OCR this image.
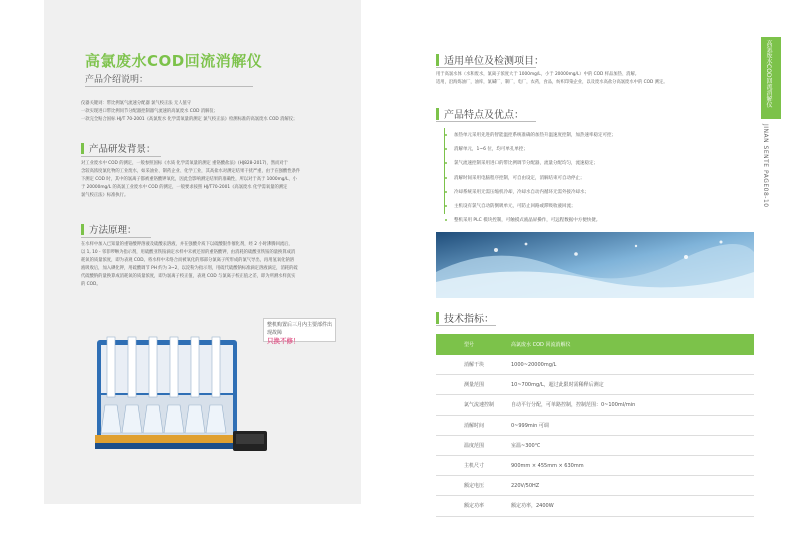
高氯废水COD回流消解仪
产品介绍说明：
仪器关键词：带比例氯气流速分配器 氯气校正法 无人值守
一款实现进口带比例同节分配器控制器气流速的高氯废水 COD 消解仪；
一款完全贴合国标 HJ/T 70-2001《高氯废水 化学需氧量的测定 氯气校正法》检测标准的高氯废水 COD 消解仪；
产品研发背景：
对工业废水中 COD 的测定，一般参照国标《水质 化学需氧量的测定 重铬酸盐法》(HJ828-2017)，然而对于
含较高浓度氯化物的工业废水，如采油业、制药企业、化学工业，其高盐水对测定结果干扰严重，由于在强酸性条件
下测定 COD 时，其中的氯离子都被重铬酸钾氧化，因此会影响测定结果的准确性，所以对于高于 1000mg/L、小
于 20000mg/L 的高氯工业废水中 COD 的测定，一般要求按照 HJ/T70-2001《高氯废水 化学需氧量的测定
氯气校正法》标准执行。
方法原理：
在水样中加入已知量的重铬酸钾溶液及硫酸汞溶液，并在强酸介质下以硫酸银作催化剂，经 2 小时沸腾回流后，
以 1, 10 - 邻菲啰啉为指示剂，用硫酸亚铁铵滴定水样中未被还原的重铬酸钾，由消耗的硫酸亚铁铵的量换算成消
耗氧的质量浓度，即为表观 COD。将水样中未络合而被氧化的那部分氯离子所形成的氯气导出，再用氢氧化钠溶
液吸收后，加入碘化钾，用硫酸调节 PH 约为 3~2，以淀粉为指示剂，用硫代硫酸钠标准滴定溶液滴定，消耗的硫
代硫酸钠的量换算成消耗氧的质量浓度，即为氯离子校正值，表观 COD 与氯离子校正值之差，即为所测水样真实
的 COD。
整机购置后三月内主要部件出现故障
只换不修！
适用单位及检测项目：
用于高氯水体（水和废水，氯离子浓度大于 1000mg/L，小于 20000mg/L）中的 COD 样品加热、消解。
适用，沿海炼油厂，油库，氯碱厂，制厂，电厂，农药，食品，纺织印染企业，以及废水高盐分高氯废水中的 COD 测定。
产品特点及优点：
加热单元采用先进的智能温控系统准确的加热升温速度控制，加热速率稳定可控；
消解单元，1~6 位，均可单孔单控；
氯气流速控制采用进口的带比例调节分配器，流量分配均匀，流速稳定；
消解时间采用电脑程序控制，可自由设定，消解结束可自动停止；
冷却系统采用无需压缩机冷却，冷却水自动内循环无需外接冷却水；
主机设有氯气自动防倒吸单元，可防止回路或滞吸收液回流；
整机采用 PLC 模块控制，可触摸式液晶屏操作，可远程数据中方便快捷。
技术指标：
型号	高氯废水 COD 回流消解仪
消解干块	1000~20000mg/L
测量范围	10~700mg/L，超过此限时需稀释后测定
氯气流速控制	自动平行分配，可单路控制，控制范围：0~100ml/min
消解时间	0~999min 可调
温度范围	室温~300℃
主机尺寸	900mm × 455mm × 630mm
额定电压	220V/50HZ
额定功率	额定功率，2400W
高氯废水COD回流消解仪
JINAN SENTE PAGE08-10
